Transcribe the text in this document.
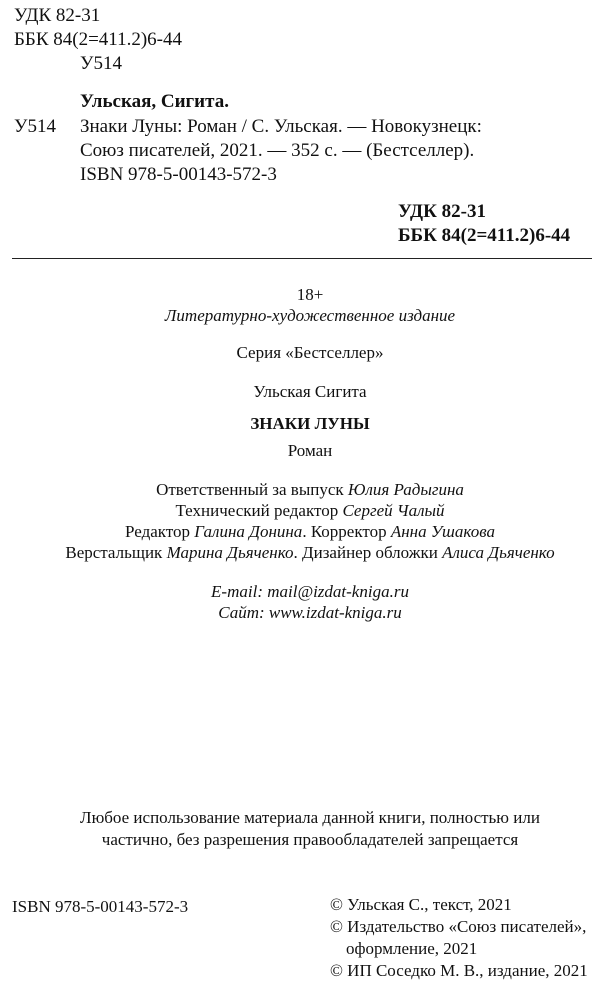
УДК 82-31
ББК 84(2=411.2)6-44
У514
Ульская, Сигита.
У514 Знаки Луны: Роман / С. Ульская. — Новокузнецк:
Союз писателей, 2021. — 352 с. — (Бестселлер).
ISBN 978-5-00143-572-3
УДК 82-31
ББК 84(2=411.2)6-44
18+
Литературно-художественное издание
Серия «Бестселлер»
Ульская Сигита
ЗНАКИ ЛУНЫ
Роман
Ответственный за выпуск Юлия Радыгина
Технический редактор Сергей Чалый
Редактор Галина Донина. Корректор Анна Ушакова
Верстальщик Марина Дьяченко. Дизайнер обложки Алиса Дьяченко
E-mail: mail@izdat-kniga.ru
Сайт: www.izdat-kniga.ru
Любое использование материала данной книги, полностью или
частично, без разрешения правообладателей запрещается
ISBN 978-5-00143-572-3	© Ульская С., текст, 2021
© Издательство «Союз писателей»,
оформление, 2021
© ИП Соседко М. В., издание, 2021
